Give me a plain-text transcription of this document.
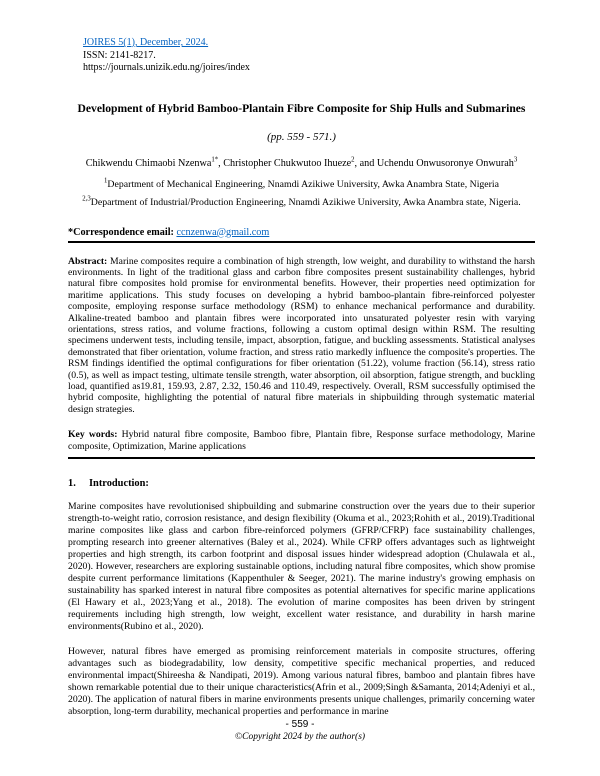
JOIRES 5(1), December, 2024.
ISSN: 2141-8217.
https://journals.unizik.edu.ng/joires/index
Development of Hybrid Bamboo-Plantain Fibre Composite for Ship Hulls and Submarines
(pp. 559 - 571.)
Chikwendu Chimaobi Nzenwa$^{1*}$, Christopher Chukwutoo Ihueze$^2$, and Uchendu Onwusoronye Onwurah$^3$
$^1$Department of Mechanical Engineering, Nnamdi Azikiwe University, Awka Anambra State, Nigeria
$^{2,3}$Department of Industrial/Production Engineering, Nnamdi Azikiwe University, Awka Anambra state, Nigeria.
*Correspondence email: ccnzenwa@gmail.com

Abstract: Marine composites require a combination of high strength, low weight, and durability to withstand the harsh environments. In light of the traditional glass and carbon fibre composites present sustainability challenges, hybrid natural fibre composites hold promise for environmental benefits. However, their properties need optimization for maritime applications. This study focuses on developing a hybrid bamboo-plantain fibre-reinforced polyester composite, employing response surface methodology (RSM) to enhance mechanical performance and durability. Alkaline-treated bamboo and plantain fibres were incorporated into unsaturated polyester resin with varying orientations, stress ratios, and volume fractions, following a custom optimal design within RSM. The resulting specimens underwent tests, including tensile, impact, absorption, fatigue, and buckling assessments. Statistical analyses demonstrated that fiber orientation, volume fraction, and stress ratio markedly influence the composite's properties. The RSM findings identified the optimal configurations for fiber orientation (51.22), volume fraction (56.14), stress ratio (0.5), as well as impact testing, ultimate tensile strength, water absorption, oil absorption, fatigue strength, and buckling load, quantified as19.81, 159.93, 2.87, 2.32, 150.46 and 110.49, respectively. Overall, RSM successfully optimised the hybrid composite, highlighting the potential of natural fibre materials in shipbuilding through systematic material design strategies.

Key words: Hybrid natural fibre composite, Bamboo fibre, Plantain fibre, Response surface methodology, Marine composite, Optimization, Marine applications

1. Introduction:

Marine composites have revolutionised shipbuilding and submarine construction over the years due to their superior strength-to-weight ratio, corrosion resistance, and design flexibility (Okuma et al., 2023;Rohith et al., 2019).Traditional marine composites like glass and carbon fibre-reinforced polymers (GFRP/CFRP) face sustainability challenges, prompting research into greener alternatives (Baley et al., 2024). While CFRP offers advantages such as lightweight properties and high strength, its carbon footprint and disposal issues hinder widespread adoption (Chulawala et al., 2020). However, researchers are exploring sustainable options, including natural fibre composites, which show promise despite current performance limitations (Kappenthuler & Seeger, 2021). The marine industry's growing emphasis on sustainability has sparked interest in natural fibre composites as potential alternatives for specific marine applications (El Hawary et al., 2023;Yang et al., 2018). The evolution of marine composites has been driven by stringent requirements including high strength, low weight, excellent water resistance, and durability in harsh marine environments(Rubino et al., 2020).

However, natural fibres have emerged as promising reinforcement materials in composite structures, offering advantages such as biodegradability, low density, competitive specific mechanical properties, and reduced environmental impact(Shireesha & Nandipati, 2019). Among various natural fibres, bamboo and plantain fibres have shown remarkable potential due to their unique characteristics(Afrin et al., 2009;Singh &Samanta, 2014;Adeniyi et al., 2020). The application of natural fibers in marine environments presents unique challenges, primarily concerning water absorption, long-term durability, mechanical properties and performance in marine

- 559 -
©Copyright 2024 by the author(s)
